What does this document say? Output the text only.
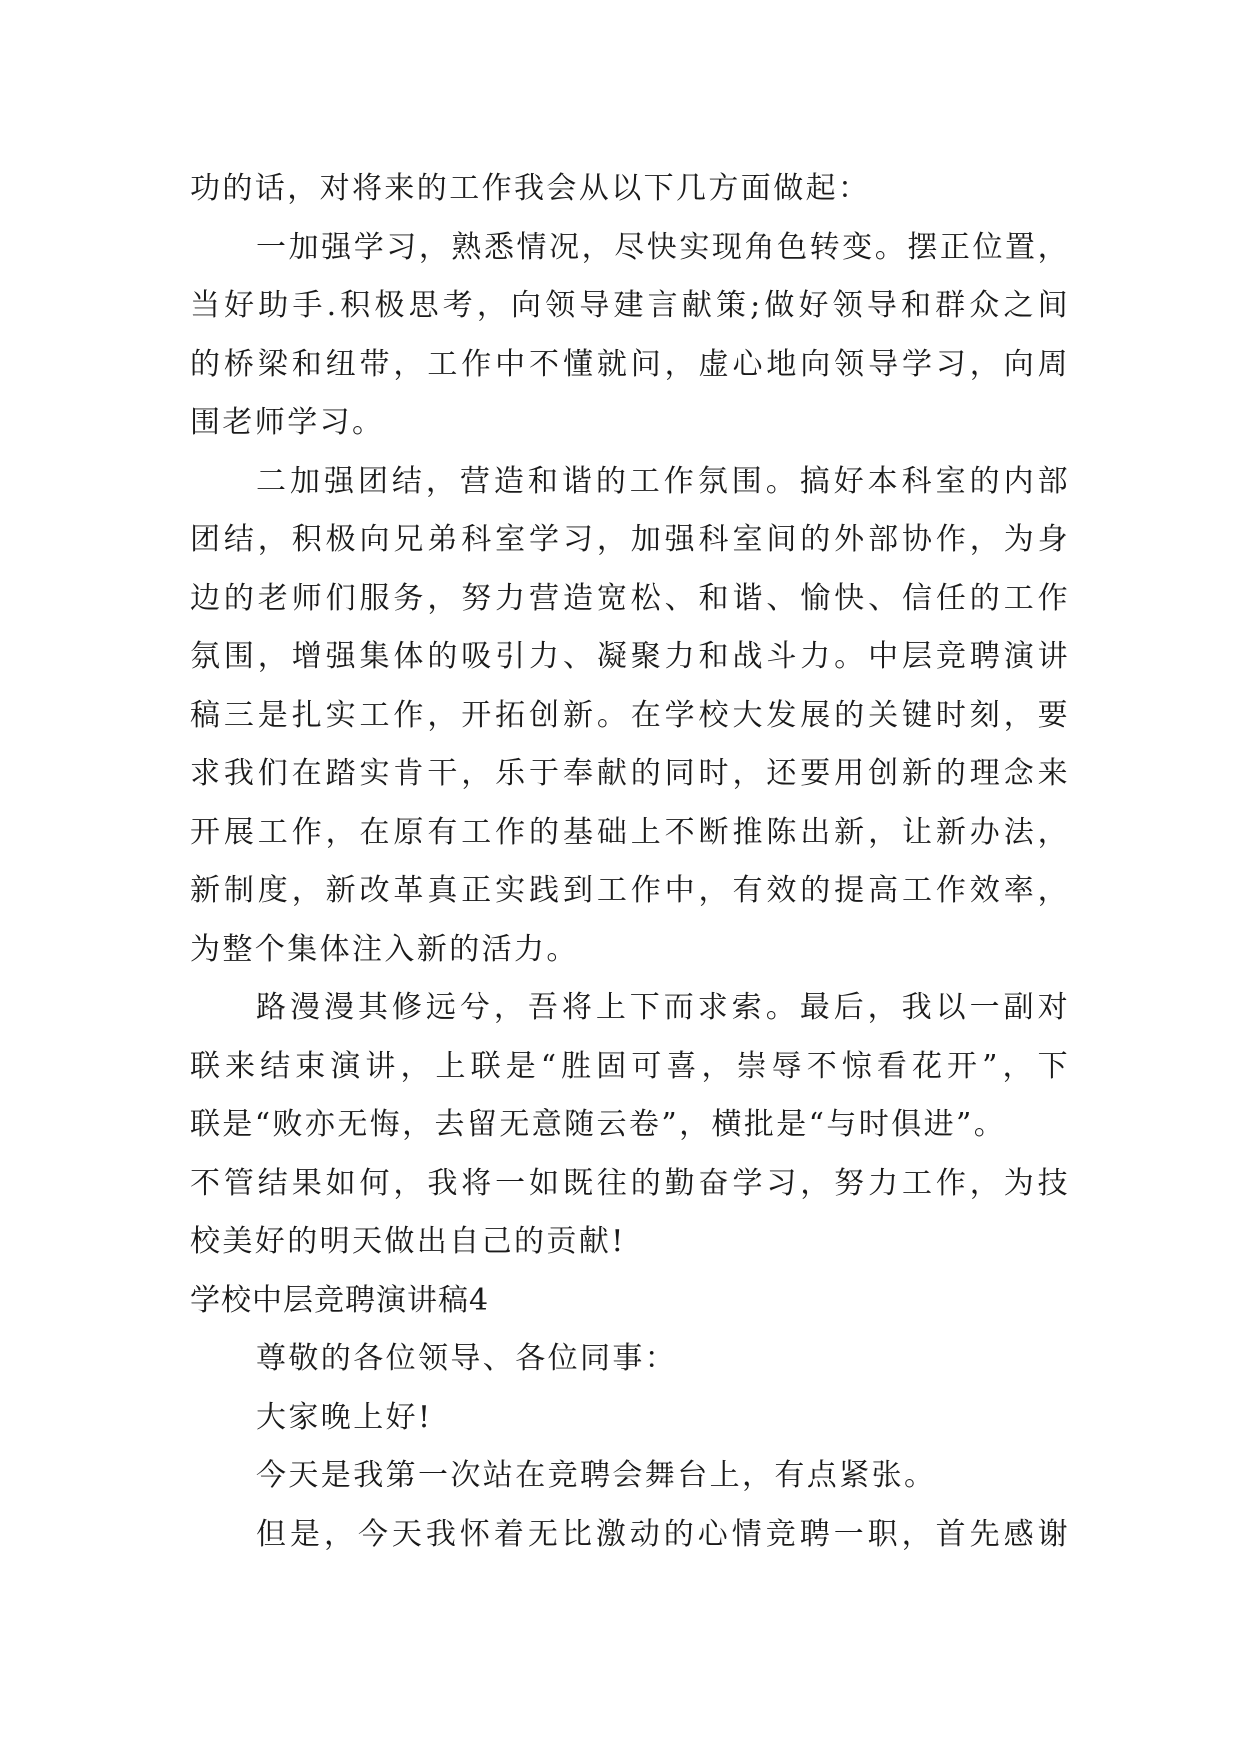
功的话，对将来的工作我会从以下几方面做起：
一加强学习，熟悉情况，尽快实现角色转变。摆正位置，
当好助手.积极思考，向领导建言献策;做好领导和群众之间
的桥梁和纽带，工作中不懂就问，虚心地向领导学习，向周
围老师学习。
二加强团结，营造和谐的工作氛围。搞好本科室的内部
团结，积极向兄弟科室学习，加强科室间的外部协作，为身
边的老师们服务，努力营造宽松、和谐、愉快、信任的工作
氛围，增强集体的吸引力、凝聚力和战斗力。中层竞聘演讲
稿三是扎实工作，开拓创新。在学校大发展的关键时刻，要
求我们在踏实肯干，乐于奉献的同时，还要用创新的理念来
开展工作，在原有工作的基础上不断推陈出新，让新办法，
新制度，新改革真正实践到工作中，有效的提高工作效率，
为整个集体注入新的活力。
路漫漫其修远兮，吾将上下而求索。最后，我以一副对
联来结束演讲，上联是“胜固可喜，崇辱不惊看花开”，下
联是“败亦无悔，去留无意随云卷”，横批是“与时俱进”。
不管结果如何，我将一如既往的勤奋学习，努力工作，为技
校美好的明天做出自己的贡献!
学校中层竞聘演讲稿4
尊敬的各位领导、各位同事：
大家晚上好!
今天是我第一次站在竞聘会舞台上，有点紧张。
但是，今天我怀着无比激动的心情竞聘一职，首先感谢
